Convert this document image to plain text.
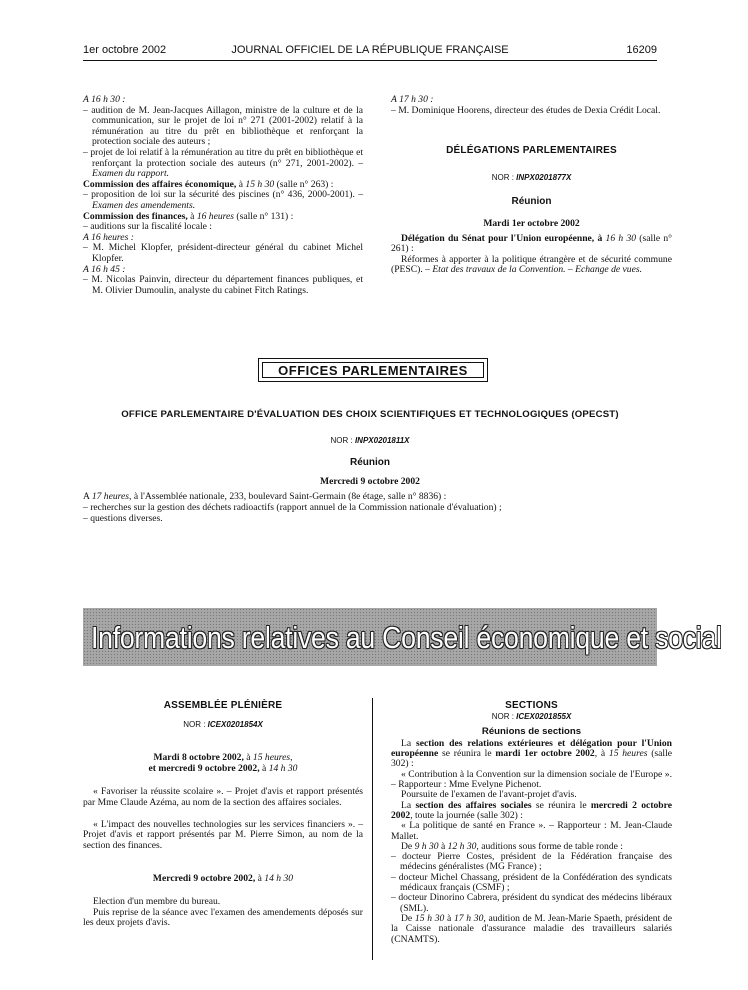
1er octobre 2002	JOURNAL OFFICIEL DE LA RÉPUBLIQUE FRANÇAISE	16209

A 16 h 30 :

– audition de M. Jean-Jacques Aillagon, ministre de la culture et de la communication, sur le projet de loi n° 271 (2001-2002) relatif à la rémunération au titre du prêt en bibliothèque et renforçant la protection sociale des auteurs ;

– projet de loi relatif à la rémunération au titre du prêt en bibliothèque et renforçant la protection sociale des auteurs (n° 271, 2001-2002). – Examen du rapport.

Commission des affaires économique, à 15 h 30 (salle n° 263) :

– proposition de loi sur la sécurité des piscines (n° 436, 2000-2001). – Examen des amendements.

Commission des finances, à 16 heures (salle n° 131) :

– auditions sur la fiscalité locale :

A 16 heures :

– M. Michel Klopfer, président-directeur général du cabinet Michel Klopfer.

A 16 h 45 :

– M. Nicolas Painvin, directeur du département finances publiques, et M. Olivier Dumoulin, analyste du cabinet Fitch Ratings.

A 17 h 30 :

– M. Dominique Hoorens, directeur des études de Dexia Crédit Local.

DÉLÉGATIONS PARLEMENTAIRES

NOR : INPX0201877X

Réunion

Mardi 1er octobre 2002

Délégation du Sénat pour l'Union européenne, à 16 h 30 (salle n° 261) :

Réformes à apporter à la politique étrangère et de sécurité commune (PESC). – Etat des travaux de la Convention. – Echange de vues.

OFFICES PARLEMENTAIRES

OFFICE PARLEMENTAIRE D'ÉVALUATION DES CHOIX SCIENTIFIQUES ET TECHNOLOGIQUES (OPECST)

NOR : INPX0201811X

Réunion

Mercredi 9 octobre 2002

A 17 heures, à l'Assemblée nationale, 233, boulevard Saint-Germain (8e étage, salle n° 8836) :

– recherches sur la gestion des déchets radioactifs (rapport annuel de la Commission nationale d'évaluation) ;

– questions diverses.

Informations relatives au Conseil économique et social

ASSEMBLÉE PLÉNIÈRE

NOR : ICEX0201854X

Mardi 8 octobre 2002, à 15 heures,

et mercredi 9 octobre 2002, à 14 h 30

« Favoriser la réussite scolaire ». – Projet d'avis et rapport présentés par Mme Claude Azéma, au nom de la section des affaires sociales.

« L'impact des nouvelles technologies sur les services financiers ». – Projet d'avis et rapport présentés par M. Pierre Simon, au nom de la section des finances.

Mercredi 9 octobre 2002, à 14 h 30

Election d'un membre du bureau.

Puis reprise de la séance avec l'examen des amendements déposés sur les deux projets d'avis.

SECTIONS

NOR : ICEX0201855X

Réunions de sections

La section des relations extérieures et délégation pour l'Union européenne se réunira le mardi 1er octobre 2002, à 15 heures (salle 302) :

« Contribution à la Convention sur la dimension sociale de l'Europe ». – Rapporteur : Mme Evelyne Pichenot.

Poursuite de l'examen de l'avant-projet d'avis.

La section des affaires sociales se réunira le mercredi 2 octobre 2002, toute la journée (salle 302) :

« La politique de santé en France ». – Rapporteur : M. Jean-Claude Mallet.

De 9 h 30 à 12 h 30, auditions sous forme de table ronde :

– docteur Pierre Costes, président de la Fédération française des médecins généralistes (MG France) ;

– docteur Michel Chassang, président de la Confédération des syndicats médicaux français (CSMF) ;

– docteur Dinorino Cabrera, président du syndicat des médecins libéraux (SML).

De 15 h 30 à 17 h 30, audition de M. Jean-Marie Spaeth, président de la Caisse nationale d'assurance maladie des travailleurs salariés (CNAMTS).
